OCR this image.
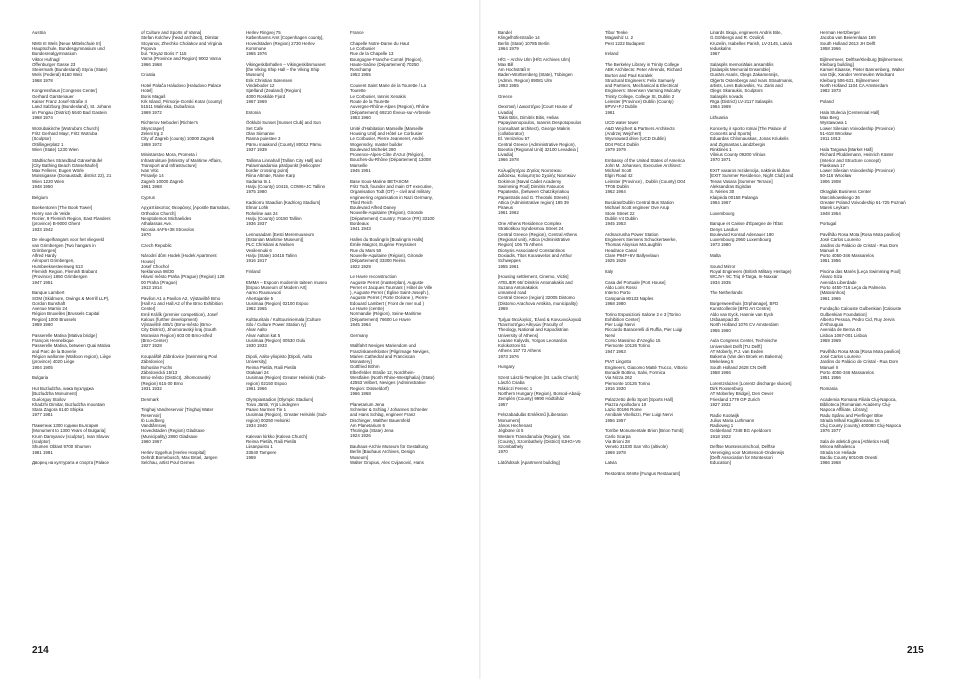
Austria
NMS III Wels [Neue Mittelschule III]
Hauptschule, Bundesgymnasium und
Bundesrealgymnasium
Viktor Hufnagl
Offenburger Gasse 23
Steiermark (Bundesland) Styria (State)
Wels (Federal) 8160 Weiz
1968 1978
Kongresshaus [Congress Center]
Gerhard Garstenauer
Kaiser Franz Josef-Straße 4
Land Salzburg (Bundesland), St. Johann
im Pongau (District) 5640 Bad Gastein
1968 1974
Wotrubakirche [Wotruba's Church]
Fritz Gerhard Mayr, Fritz Wotruba
(Sculptor)
Ottillingerplatz 1
Wien (State) 1230 Wien
Städtisches Strandbad Gänsehäufel
[City Bathing Beach Gänsehäufel]
Max Fellerer, Eugen Wörle
Moissigasse (Donaustadt, district 22), 21
Wien 1220 Wien
1948 1950
Belgium
Boekentoren [The Book Tower]
Henry van de Velde
Rozier, 9 Flemish Region, East Flanders
(province) B-9000 Ghent
1933 1942
De vleugelhangars voor het vliegveld
van Grimbergen [Two hangars in
Grimbergen]
Alfred Hardy
Aéroport Grimbergen,
Humbeeksesteenweg 513
Flemish Region, Flemish Brabant
(Province) 1850 Grimbergen
1947 1951
Banque Lambert
SOM (Skidmore, Owings & Merrill LLP),
Gordon Bunshaft
Avenue Marnix 24
Région Bruxelles [Brussels Capital
Region] 1000 Brussels
1959 1960
Passerelle Mativa [Mativa bridge]
François Hennebique
Passerelle Mativa, between Quai Mativa
and Parc de la Boverie
Région wallonne (Walloon region), Liège
(province) 4020 Liège
1904 1905
Bulgaria
Hut Buzludzha, хижа Бузлуджа
[Buzludzha Monument]
Guéorguy Stoilov
Khadzhi Dimitar, Buzludzha mountain
Stara Zagora 6140 Shipka
1977 1981
Паметник 1300 години България
[Monument to 1300 Years of Bulgaria]
Krum Damyanov (sculptor), Ivan Slavov
(sculptor)
Shumen Oblast 9700 Shumen
1981 1981
Дворец на културата и спорта [Palace
of Culture and Sports of Varna]
Stefan Kolchev (head architect), Dimitar
Stoyanov, Zhechko Cholakov and Virginia
Popova
bul. "Knyaz Boris I" 115
Varna (Province and Region) 9002 Varna
1966 1968
Croatia
Hotel Palača Haludovo [Haludovo Palace
Hotel]
Boris Magaš
Krk Island, Primorje-Gorski Kotar (county)
51511 Malinska, Dubašnica
1969 1972
Richterov Neboderi [Richter's
Skyscraper]
Zeleni trg 2
City of Zagreb (county) 10000 Zagreb
1959 1972
Ministarstvo Mora, Prometa i
Infrastrukture [Ministry of Maritime Affairs,
Transport and Infrastructure]
Ivan Vitic
Prisavlje 14
Zagreb 10000 Zagreb
1961 1968
Cyprus
Αρχιεπίσκοπος Θεοφάνης [Apostle Barnabas,
Orthodox Church]
Neoptolemos Michaelides
Athalassas Ave.
Nicosia 4AF6+38 Strovolos
1970
Czech Republic
Národní dům Hodek [Hodek Apartment
House]
Josef Chochol
Neklanova 98/30
Hlavní město Praha (Prague) (Region) 128
00 Praha (Prague)
1913 1914
Pavilon A1 a Pavilon A2, Výstaviště Brno
[Hall A1 and Hall A2 of the Brno Exhibition
Center]
Emil Králík (premier competition), Josef
Kalous (further development)
Výstaviště 405/1 (Brno-město (Brno-
City District), Jihomoravský kraj (South
Moravian Region) 603 00 Brno-střed
(Brno-Center)
1927 1928
Koupaliště Zábrdovice [Swimming Pool
Zábrdovice]
Bohuslav Fuchs
Zábrdovická 15/13
Brno-město (District), Jihomoravský
(Region) 615 00 Brno
1931 1932
Denmark
Tinghøj Vandreservoir [Tinghøj Water
Reservoir]
Ib Lundberg
Vandtårnsvej
Hovedstaden (Region) Gladsaxe
(Municipality) 2860 Gladsaxe
1960 1967
Herlev Sygehus [Herlev Hospital]
Gehrdt Bornebusch, Max Brüel, Jørgen
Selchau, artist Poul Gernes
Herlev Ringvej 75
Københavns Amt [Copenhagen county],
Hovedstaden (Region) 2730 Herlev
Kommune
1965 1976
Vikingeskibshallen – Vikingeskibsmuseet
[the Viking Ship Hall – the Viking Ship
Museum]
Erik Christian Sørensen
Vindeboder 12
Sjælland (Zealand) (Region)
4000 Roskilde Fjord
1967 1969
Estonia
Ööklubi Sunset [Sunset Club] and Sun
Set Cafe
Olav Siimanne
Ranna puiestee 3
Pärnu maakond (County) 80012 Pärnu
1937 1939
Tallinna Linnahall [Tallinn City Hall] and
Palavmaadamia pärdpunkt [Helicopter
border crossing point]
Riina Altmäe, Raine Karp
Sadama tn.1
Harju (County) 10415, COW6+JC Tallinn
1975 1980
Kadriorru Staadion [Kadriorg Stadium]
Elmar Lohk
Roheline aas 24
Harju (County) 10150 Tallinn
1936 1937
Lennusadam [Eesti Meremuuseum
(Estonian Maritime Museum)]
PLC Christiani & Nielsen
Vesilennuki 6
Harju (State) 10415 Talinn
1916 1917
Finland
EMMA – Espoon modernin taiteen museo
[Espoo Museum of Modern Art]
Aarno Ruusuvuori
Ahertajantie 5
Uusimaa (Region) 02100 Espoo
1962 1965
Kulttuuritalo / Kulttuuriniemala [Culture
Silo / Culture Power Station ry]
Alvar Aalto
Alvar Aalton kat 5
Uusimaa (Region) 00530 Oulu
1930 1933
Dipoli, Aalto-yliopisto [Dipoli, Aalto
University]
Reima Pietilä, Raili Pietilä
Otakaari 24
Uusimaa (Region) Greater Helsinki (Sub-
region) 02150 Espoo
1961 1966
Olympiastadion [Olympic Stadium]
Toivo Jäntti, Yrjö Lindegren
Paavo Nurmen Tie 1
Uusimaa (Region), Greater Helsinki (Sub-
region) 00250 Helsinki
1934 1940
Kalevan kirkko [Kaleva Church]
Reima Pietilä, Raili Pietilä
Liisanpuisto 1
33540 Tampere
1959
France
Chapelle Notre-Dame du Haut
Le Corbusier
Rue de la Chapelle 13
Bourgogne-Franche-Comté (Region),
Haute-Saône (Département) 70250
Ronchamp
1953 1955
Couvent Saint Marie de la Tourette / La
Tourette
Le Corbusier, Iannis Xenakis
Route de la Tourette
Auvergne-Rhône-Alpes (Region), Rhône
(Département) 69210 Éveux-sur-Arbresle
1953 1960
Unité d'Habitation Marseille [Marseille
Housing Unit] and Hôtel Le Corbusier
Le Corbusier, Pierre Jeanneret, André
Wogenscky, master builder
Boulevard Michelet 280
Provence-Alpes-Côte d'Azur (Région),
Bouches-du-Rhône (Département) 13008
Marseille
1945 1951
Base Sous-Marine BETASOM
Fritz Todt, founder and main OT executive,
Organisation Todt (OT) – civil and military
engineering organisation in Nazi Germany,
Third Reich
Boulevard Alfred Daney
Nouvelle-Aquitaine (Région), Gironde
(Département) Country: France (FR) 33100
Bordeaux
1941 1943
Halles du Boulingrin [Boulingrin Halls]
Émile Maigrot, Eugène Freyssinet
Rue du Mars 50
Nouvelle-Aquitaine (Région), Gironde
(Département) 33300 Reims
1922 1929
Le Havre reconstruction
Auguste Perret (masterplan), Auguste
Perret et Jacques Tournant ( Hôtel de Ville
), Auguste Perret ( Église Saint-Joseph ),
Auguste Perret ( Porte Océane ), Pierre-
Edouard Lambert ( Front de mer sud )
Le Havre (centre)
Normandie (Région), Seine-Maritime
(Département) 76600 Le Havre
1945 1964
Germany
Wallfahrt Neviges Mariendom und
Franziskanerkloster [Pilgrimage Neviges,
Marien Cathedral and Franciscan
Monastery]
Gottfried Böhm
Elberfelder Straße 12, Nordrhein-
Westfalen (North Rhine-Westphalia) (State)
42553 Velbert, Neviges (Administrative
Region: Düsseldorf)
1966 1968
Planetarium Jena
Schreiter & Schlag / Johannes Schreiter
and Hans Schlag, engineer Franz
Dischinger, Walther Bauersfeld
Am Planetarium 5
Thüringia (State) Jena
1924 1926
Bauhaus-Archiv Museum für Gestaltung
Berlin [Bauhaus Archives, Design
Museum]
Walter Gropius, Alex Cvijanović, Hans
Bandel
Klingelhöferstraße 14
Berlin (State) 10785 Berlin
1964 1979
HfG – Archiv Ulm [HfG Archives Ulm]
Max Bill
Am Hochsträß 8
Baden-Württemberg (State), Tübingen
(Admin. Region) 89081 Ulm
1953 1955
Greece
Οικιστική / Δικαστήριο [Court House of
Livadia]
Takis Bitis, Dimitris Bitis, Helias
Papayiannopoulos, Ioannis Despotopoulos
(consultant architect), George Makris
(collaborator)
El. Venizelou 57
Central Greece (Administrative Region),
Boeotia (Regional Unit) 32100 Levadeia [
Livadia]
1966 1978
Κολυμβητήριο Ζησίας Νουτσικου
Διδάσκω, Κολυμπητιο Σχολής Ναυτικών
Dokimon [Naval Cadet Academy
Swimming Pool] Dimitris Fatouros
Papatestis, (between Chatzikyriakou
Papastratis and G. Theotoki Streets)
Attica (Administrative region) 185 39
Piraeus
1961 1962
One Athens Residence Complex
Stratiotikou Syndesmou Street 24
Central Greece (Region), Central Athens
(Regional unit), Attica (Administrative
Region) 106 75 Athens
Dionysis Associates/ Constantinos
Doxiadis, Titos Kouvavelos and Arthur
Schweppes
1955 1961
[Housing settlement, Cinemo, Victis]
ATELIER 66/ Dimitris Antonakakis and
Suzana Antonakakis
unnamed road
Central Greece (region) 32005 Distomo
(Distomo Arachova Antikira, municipality)
1969
Τμήμα Θεολογίας, Έλινά & Κοινωνιολογιαά
Πανεπιστήμιο Αθηνών [Faculty of
Theology, National and Kapodistrian
University of Athens]
Leaane Kalyvds, Yorgos Leonardos
Kolokotroni 51
Athens 157 72 Athens
1973 1976
Hungary
Szent László-Templom [St. Ladis Church]
László Csaba
Rákóczi Ferenc 1
Northern Hungary (Region), Borsod-Abaúj-
Zemplén (County) 9990 Hódtóház
1957
Felszabadulás Emlékmű [Liberation
Monument]
János Hechenast
Jégbüne út 5
Western Transdanubia (Region), Vas
(County), Szombathely (District) 8JHG+V5
Szombathely
1970
Látóhátsok [Apartment building]
Tibor Tenke
Magashiz U. 2
Pest 1222 Budapest
Ireland
The Berkeley Library in Trinity College
ABK Architects: Peter Ahrends, Richard
Burton and Paul Koralek
Structural Engineers: Felix Samuely
and Partners, Mechanical & Electrical
Engineers: Steensen Varming Mulcahy
Trinity College, College St, Dublin 2
Leinster (Province) Dublin (County)
8PVV+FJ Dublin
1961
UCD water tower
A&D Wejchert & Partners Architects
(Andrzej Wejchert)
Wyvnoward drive (UCD Dublin)
D04 P6C4 Dublin
1979 1979
Embassy of the United States of America
John M. Johansen, Executive Architect:
Michael Scott
Elgin Road 42
Leinster (Province) , Dublin (County) D04
TF05 Dublin
1962 1964
Busáras/Dublin Central Bus Station
Michael Scott engineer Ove Arup
Store Street 22
Dublin V4 Dublin
1945 1953
Ardnacrusha Power Station
Engineers Siemens Schuckertwerke,
Thomas Aloysius McLaughlin
Headrace Canal
Clare P94F+6V Ballyvelaun
1925 1929
Italy
Casa del Portuale [Port House]
Aldo Loris Rossi
Interno Porto
Campania 80133 Naples
1968 1980
Torino Esposizioni Salone 2 e 3 [Torino
Exhibition Center]
Pier Luigi Nervi
Riccardo Baracerelli di Ruffia, Pier Luigi
Nervi
Corso Massimo d'Azeglio 15
Piemonte 10126 Torino
1947 1963
PIAT Lingotto
Engineers, Giacomo Mattè Trucco, Vittorio
Bonadè Bottino, Salvi, Formica
Via Nizza 262
Piemonte 10126 Torino
1916 1930
Palazzetto dello Sport [Sports Hall]
Piazza Apollodoro 10
Lazio 00196 Rome
Annibale Vitellozzi, Pier Luigi Nervi
1956 1957
Torribe Monumentale Brion [Brion Tomb]
Carlo Scarpa
Via Brioni 28
Veneto 31030 San Vito (altivole)
1969 1978
Latvia
Restorāns Sēnīte [Fungus Restaurant]
Linards Skuja, engineers Andris Bite,
G.Göhbergs and R. Ozoliņš
Kruzelin, Isabelles Parish, LV-2145, Latvia
Ieduskalns
1967
Salaspils memoriālais ansamblis
[Salaspils Memorial Ensemble]
Gunārs Asaris, Oļegs Zakamennijs,
Oļģerts Ostenbergs and Ivars Strautmanis,
artists, Levs Bukovskis, Yu. Zaris and
Oļegs Skaraukis, Sculptors
Salaspils novads
Rīga (District) LV-2117 Salaspils
1964 1969
Lithuania
Koncertų ir sporto rūmai [The Palace of
Concerts and Sports]
Eduardas Chlomauskas, Jonas Kriukelis
and Zigmantas Liandzbergis
Rinktinės 1
Vilnius County 09200 Vilnius
1970 1971
EXIT vasaros rezidencija, naktinis klubas
[EXIT Summer Residence, Night Club] and
Tenas Vasara [Summer Terrace]
Aleksandras Eigirdas
S. Nėries 30
Klaipėda 00158 Palanga
1964 1967
Luxembourg
Banque et Caisse d'Épargne de l'État
Denys Lasdun
Boulevard Konrad Adenauer 190
Luxembourg 2960 Luxembourg
1973 1980
Malta
Sound Mirror
Royal Engineers (British Military Heritage)
WCJV+ 9C Triq Il-Targa, In-Naxxar
1934 1935
The Netherlands
Burgerweeshuis [Orphanage], BFD
Kunstcollectie [BFD Art Centre]
Aldo van Eyck, Hannie van Eyck
IJsbaanpad 3b
North Holland 1076 CV Amsterdam
1955 1960
Aula Congress Center, Technische
Universiteit Delft [TU Delft]
AT Moberly, P.J. van Eeden
Bakema (Van den Broek en Bakema)
Mekelweg 5
South Holland 2628 CN Delft
1958 1966
Lorentzsluizen [Lorentz discharge sluices]
Dirk Roosenburg
AT Moberley Bridge], Den Oever
Friesland 1779 GP Zurich
1927 1932
Radio Kootwijk
Julius Maria Luthmann
Radioweg 1
Gelderland 7348 BG Apeldoorn
1918 1922
Delftse Montessorischool, Delftse
Vereniging voor Montessori-Onderwijs
[Delft Association for Montessori
Education]
Herman Hertzberger
Jacoba van Beierenlaan 169
South Holland 2613 JH Delft
1958 1966
Bijlmermeer, Delftse/Kleiburg [Bijlmermeer,
Kleiburg building]
Kamiel Klaasse, Pieter Bannenberg, Walter
van Dijk, Xander Vermeulen Windsant
Kleiburg 506-631, Bijlmermeer
North Holland 1104 CA Amsterdam
1982 1973
Poland
Hala Stulecia [Centennial Hall]
Max Berg
Wystawowa 1
Lower Silesian Voivodeship (Province)
51-618 Wrocław
1911 1913
Hala Targowa [Market Hall]
Richard Plüddemann, Heinrich Küster
(Interior and Structure concept)
Piaskowa 17
Lower Silesian Voivodeship (Province)
50-116 Wrocław
1906 1908
Okrąglak Business Center
Marcinkowskiego 36
Greater Poland Voivodeship 61-725 Poznań
Marek Leykam
1948 1954
Portugal
Pavilhão Rosa Mota [Rosa Mota pavilion]
José Carlos Loureiro
Jardins do Palácio de Cristal - Rua Dom
Manuel II
Porto 4050-346 Massarelos
1951 1956
Piscina das Marés [Leça Swimming Pool]
Álvaro Siza
Avenida Liberdade
Porto 4450-716 Leça da Palmeira
(Matosinhos)
1961 1966
Fundação Calouste Gulbenkian [Calouste
Gulbenkian Foundation]
Alberto Pessoa, Pedro Cid, Ruy Jervis
d'Athouguia
Avenida de Berna 45
Lisboa 1067-001 Lisboa
1959 1969
Pavilhão Rosa Mota [Rosa Mota pavilion]
José Carlos Loureiro
Jardins do Palácio de Cristal - Rua Dom
Manuel II
Porto 4050-346 Massarelos
1951 1956
Romania
Academia Romana Filiala Cluj-Napoca,
Biblioteca [Romanian Academy Cluj-
Napoca Affiliate, Library]
Radu Spânu and Pierfinger Blüe
Strada Mihail Kogălniceanu 16
Cluj County (county) 400080 Cluj-Napoca
1976 1977
Sala de atletică grea [Athletics Hall]
Mircea Mihailescu
Strada Ion Heliade
Bacău County 601045 Onesti
1966 1968
214	215
